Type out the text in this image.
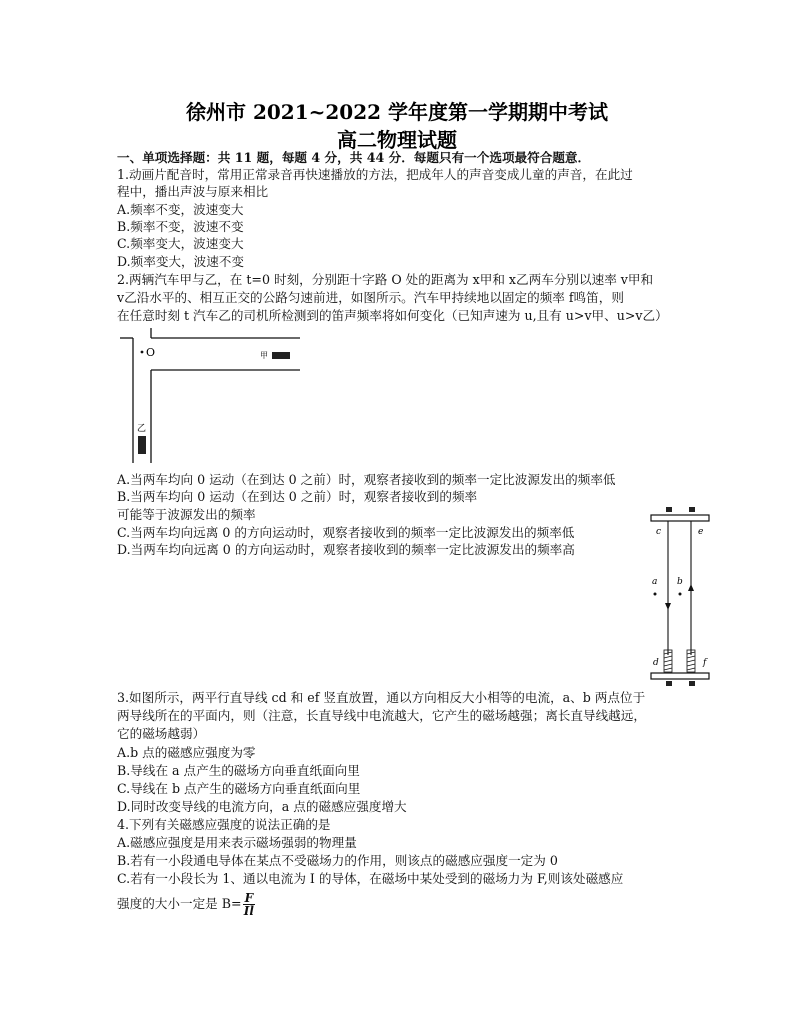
徐州市 2021~2022 学年度第一学期期中考试
高二物理试题
一、单项选择题：共 11 题，每题 4 分，共 44 分．每题只有一个选项最符合题意．
1.动画片配音时，常用正常录音再快速播放的方法，把成年人的声音变成儿童的声音，在此过
程中，播出声波与原来相比
A.频率不变，波速变大
B.频率不变，波速不变
C.频率变大，波速变大
D.频率变大，波速不变
2.两辆汽车甲与乙，在 t=0 时刻，分别距十字路 O 处的距离为 x甲和 x乙两车分别以速率 v甲和
v乙沿水平的、相互正交的公路匀速前进，如图所示。汽车甲持续地以固定的频率 f鸣笛，则
在任意时刻 t 汽车乙的司机所检测到的笛声频率将如何变化（已知声速为 u,且有 u>v甲、u>v乙）
O	甲
乙
A.当两车均向 0 运动（在到达 0 之前）时，观察者接收到的频率一定比波源发出的频率低
B.当两车均向 0 运动（在到达 0 之前）时，观察者接收到的频率
可能等于波源发出的频率
C.当两车均向远离 0 的方向运动时，观察者接收到的频率一定比波源发出的频率低
D.当两车均向远离 0 的方向运动时，观察者接收到的频率一定比波源发出的频率高
c	e
a b
d	f
3.如图所示，两平行直导线 cd 和 ef 竖直放置，通以方向相反大小相等的电流，a、b 两点位于
两导线所在的平面内，则（注意，长直导线中电流越大，它产生的磁场越强；离长直导线越远，
它的磁场越弱）
A.b 点的磁感应强度为零
B.导线在 a 点产生的磁场方向垂直纸面向里
C.导线在 b 点产生的磁场方向垂直纸面向里
D.同时改变导线的电流方向，a 点的磁感应强度增大
4.下列有关磁感应强度的说法正确的是
A.磁感应强度是用来表示磁场强弱的物理量
B.若有一小段通电导体在某点不受磁场力的作用，则该点的磁感应强度一定为 0
C.若有一小段长为 1、通以电流为 I 的导体，在磁场中某处受到的磁场力为 F,则该处磁感应
强度的大小一定是 $B= \frac{F}{Il}$
